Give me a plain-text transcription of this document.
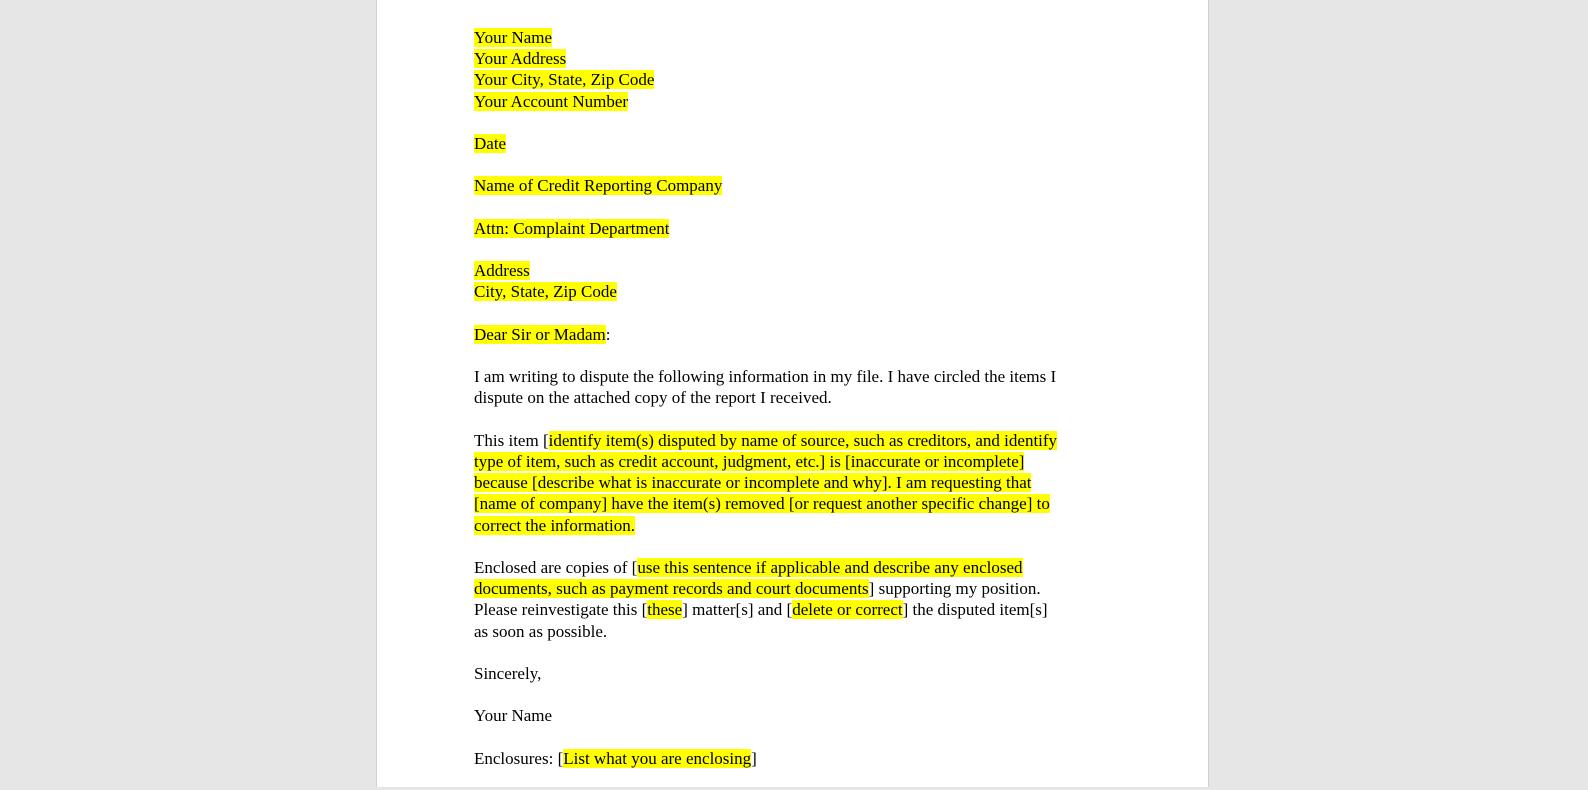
Your Name
Your Address
Your City, State, Zip Code
Your Account Number
Date
Name of Credit Reporting Company
Attn: Complaint Department
Address
City, State, Zip Code
Dear Sir or Madam:
I am writing to dispute the following information in my file. I have circled the items I
dispute on the attached copy of the report I received.
This item [identify item(s) disputed by name of source, such as creditors, and identify
type of item, such as credit account, judgment, etc.] is [inaccurate or incomplete]
because [describe what is inaccurate or incomplete and why]. I am requesting that
[name of company] have the item(s) removed [or request another specific change] to
correct the information.
Enclosed are copies of [use this sentence if applicable and describe any enclosed
documents, such as payment records and court documents] supporting my position.
Please reinvestigate this [these] matter[s] and [delete or correct] the disputed item[s]
as soon as possible.
Sincerely,
Your Name
Enclosures: [List what you are enclosing]
